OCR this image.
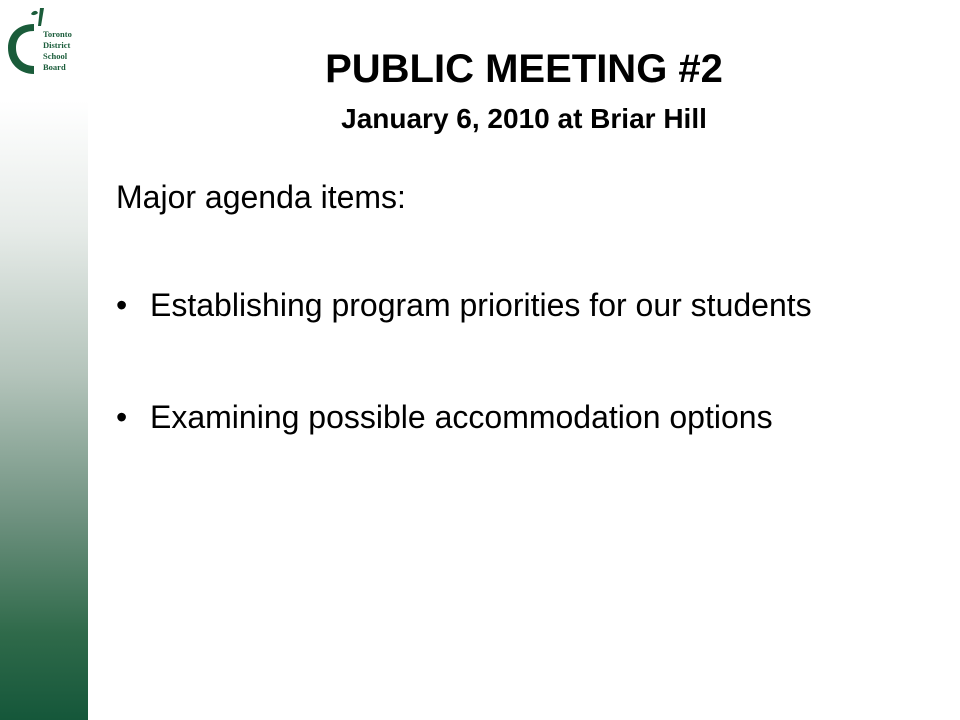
Toronto
District
School
Board	PUBLIC MEETING #2
January 6, 2010 at Briar Hill

Major agenda items:

• Establishing program priorities for our students
• Examining possible accommodation options
